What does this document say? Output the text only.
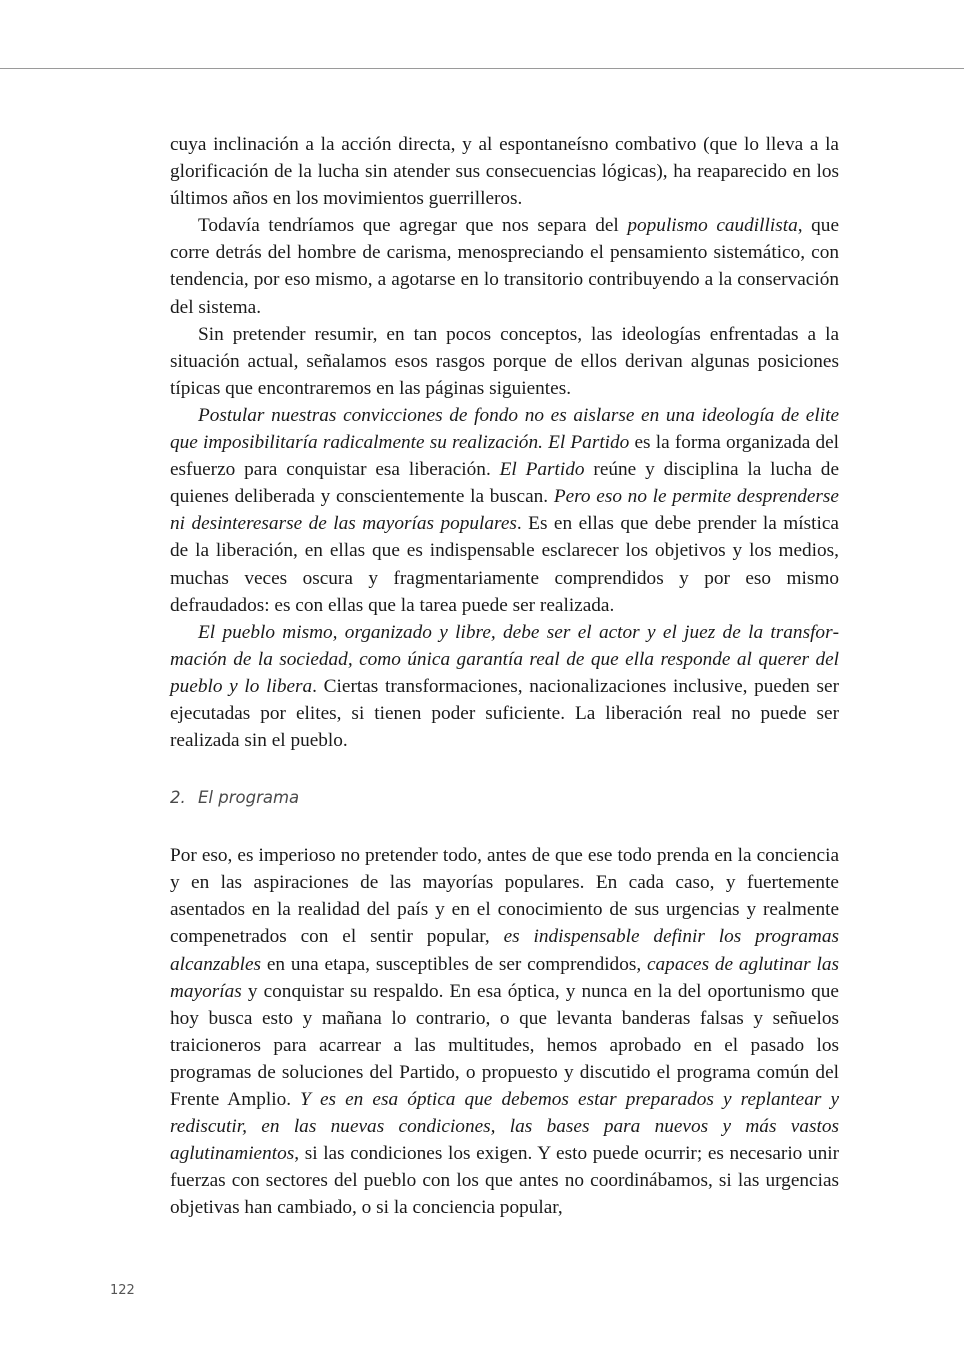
cuya inclinación a la acción directa, y al espontaneísno combativo (que lo lleva a la glorificación de la lucha sin atender sus consecuencias lógicas), ha reaparecido en los últimos años en los movimientos guerrilleros.

Todavía tendríamos que agregar que nos separa del populismo caudillista, que corre detrás del hombre de carisma, menospreciando el pensamiento sistemático, con tendencia, por eso mismo, a agotarse en lo transitorio contribuyendo a la conservación del sistema.

Sin pretender resumir, en tan pocos conceptos, las ideologías enfrentadas a la situación actual, señalamos esos rasgos porque de ellos derivan algunas posiciones típicas que encontraremos en las páginas siguientes.

Postular nuestras convicciones de fondo no es aislarse en una ideología de elite que imposibilitaría radicalmente su realización. El Partido es la forma organizada del esfuerzo para conquistar esa liberación. El Partido reúne y disciplina la lucha de quienes deliberada y conscientemente la buscan. Pero eso no le permite desprenderse ni desinteresarse de las mayorías populares. Es en ellas que debe prender la mística de la liberación, en ellas que es indispensable esclarecer los objetivos y los medios, muchas veces oscura y fragmentariamente comprendidos y por eso mismo defraudados: es con ellas que la tarea puede ser realizada.

El pueblo mismo, organizado y libre, debe ser el actor y el juez de la transformación de la sociedad, como única garantía real de que ella responde al querer del pueblo y lo libera. Ciertas transformaciones, nacionalizaciones inclusive, pueden ser ejecutadas por elites, si tienen poder suficiente. La liberación real no puede ser realizada sin el pueblo.

2. El programa

Por eso, es imperioso no pretender todo, antes de que ese todo prenda en la conciencia y en las aspiraciones de las mayorías populares. En cada caso, y fuertemente asentados en la realidad del país y en el conocimiento de sus urgencias y realmente compenetrados con el sentir popular, es indispensable definir los programas alcanzables en una etapa, susceptibles de ser comprendidos, capaces de aglutinar las mayorías y conquistar su respaldo. En esa óptica, y nunca en la del oportunismo que hoy busca esto y mañana lo contrario, o que levanta banderas falsas y señuelos traicioneros para acarrear a las multitudes, hemos aprobado en el pasado los programas de soluciones del Partido, o propuesto y discutido el programa común del Frente Amplio. Y es en esa óptica que debemos estar preparados y replantear y rediscutir, en las nuevas condiciones, las bases para nuevos y más vastos aglutinamientos, si las condiciones los exigen. Y esto puede ocurrir; es necesario unir fuerzas con sectores del pueblo con los que antes no coordinábamos, si las urgencias objetivas han cambiado, o si la conciencia popular,

122
